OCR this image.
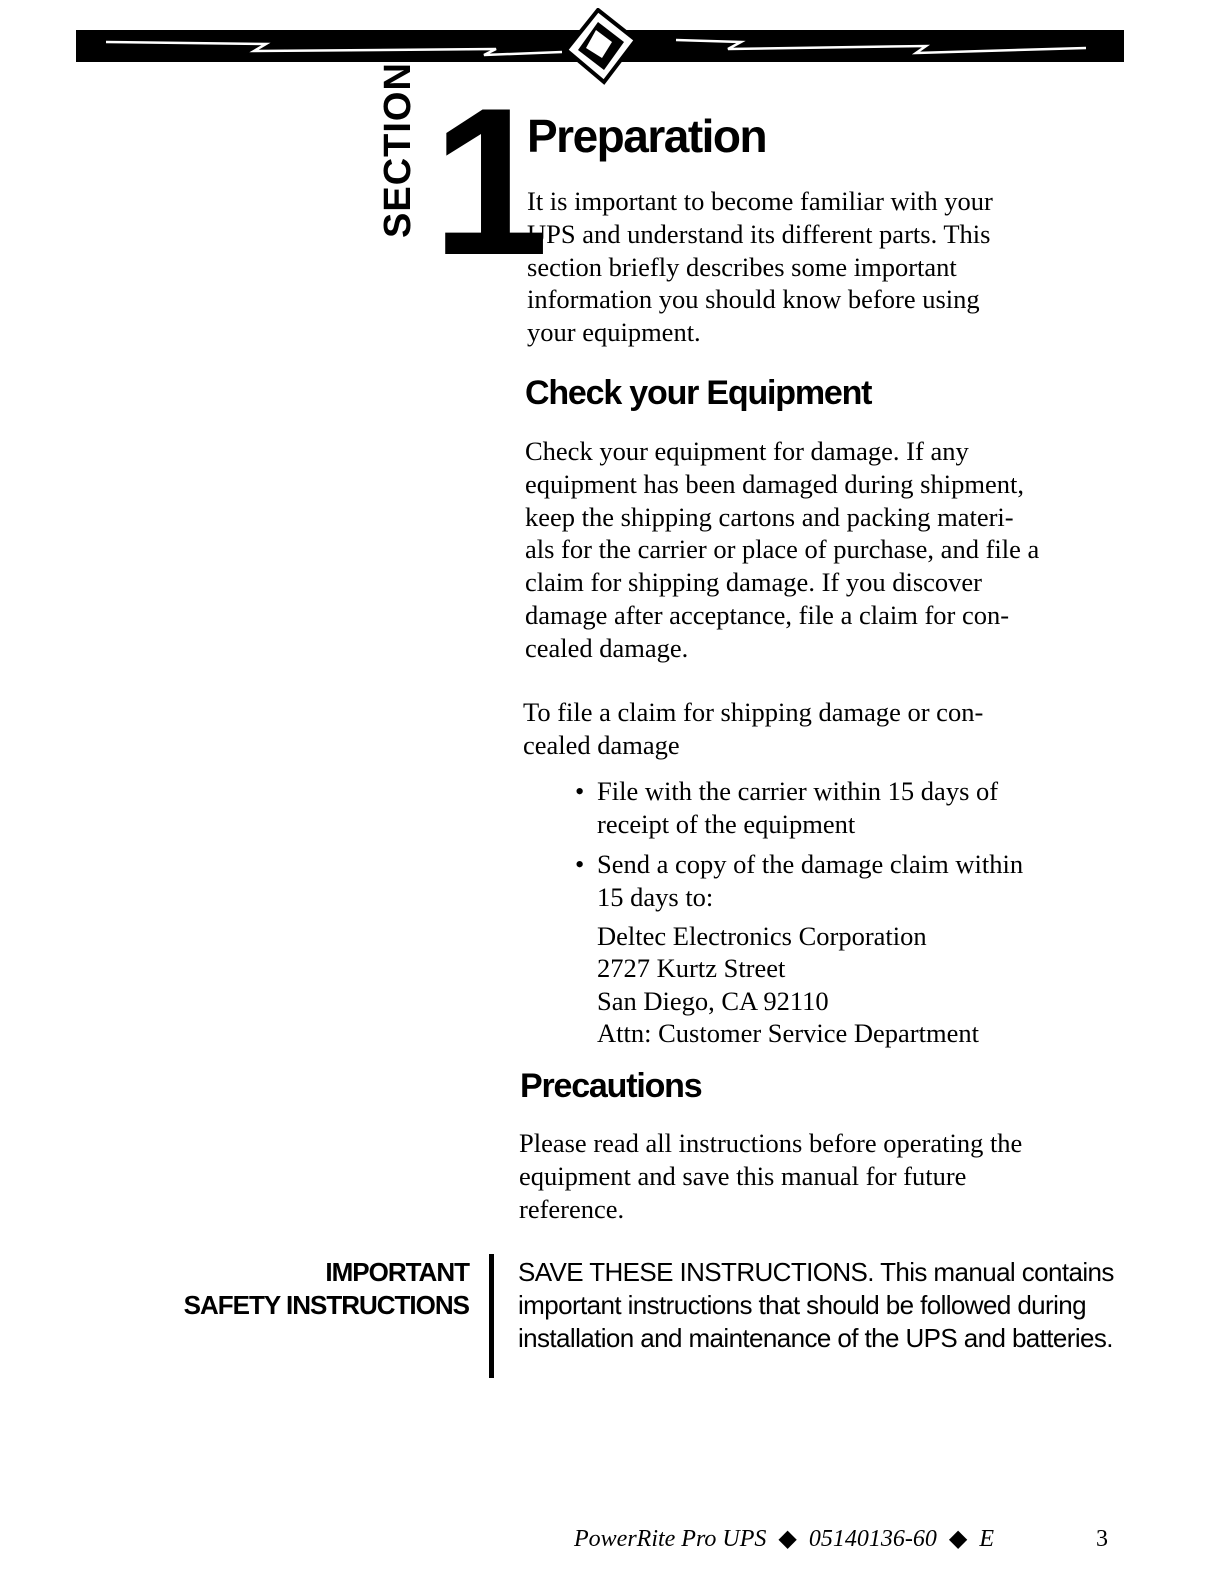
SECTION 1
Preparation

It is important to become familiar with your
UPS and understand its different parts. This
section briefly describes some important
information you should know before using
your equipment.

Check your Equipment

Check your equipment for damage. If any
equipment has been damaged during shipment,
keep the shipping cartons and packing materi-
als for the carrier or place of purchase, and file a
claim for shipping damage. If you discover
damage after acceptance, file a claim for con-
cealed damage.

To file a claim for shipping damage or con-
cealed damage

• File with the carrier within 15 days of
receipt of the equipment
• Send a copy of the damage claim within
15 days to:
Deltec Electronics Corporation
2727 Kurtz Street
San Diego, CA 92110
Attn: Customer Service Department
Precautions

Please read all instructions before operating the
equipment and save this manual for future
reference.

IMPORTANT
SAFETY INSTRUCTIONS

SAVE THESE INSTRUCTIONS. This manual contains important instructions that should be followed during installation and maintenance of the UPS and batteries.

PowerRite Pro UPS ◆ 05140136-60 ◆ E	3
